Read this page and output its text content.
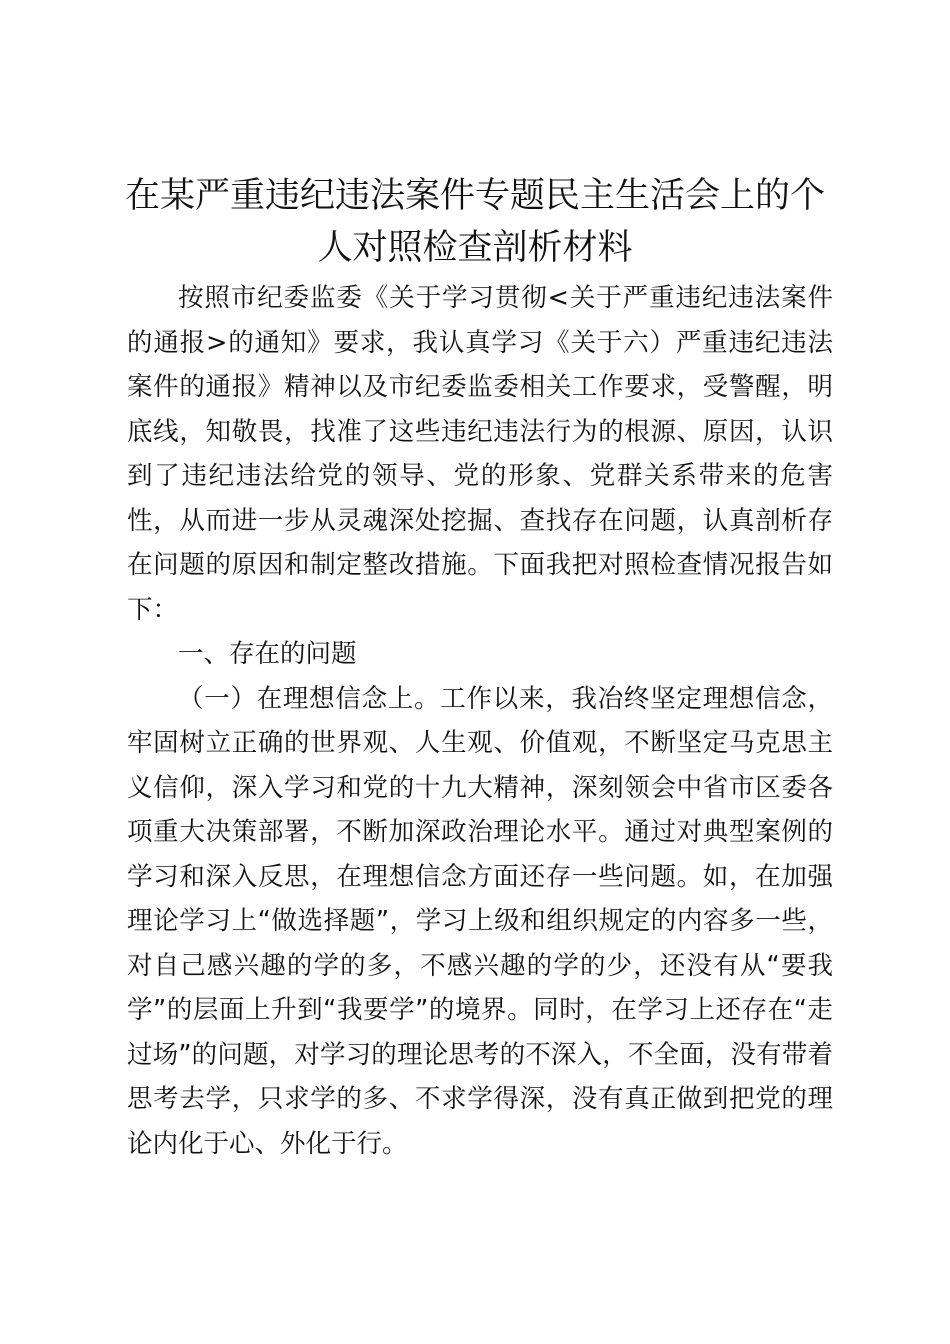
在某严重违纪违法案件专题民主生活会上的个
人对照检查剖析材料
按照市纪委监委《关于学习贯彻<关于严重违纪违法案件
的通报>的通知》要求，我认真学习《关于六）严重违纪违法
案件的通报》精神以及市纪委监委相关工作要求，受警醒，明
底线，知敬畏，找准了这些违纪违法行为的根源、原因，认识
到了违纪违法给党的领导、党的形象、党群关系带来的危害
性，从而进一步从灵魂深处挖掘、查找存在问题，认真剖析存
在问题的原因和制定整改措施。下面我把对照检查情况报告如
下：
一、存在的问题
（一）在理想信念上。工作以来，我冶终坚定理想信念，
牢固树立正确的世界观、人生观、价值观，不断坚定马克思主
义信仰，深入学习和党的十九大精神，深刻领会中省市区委各
项重大决策部署，不断加深政治理论水平。通过对典型案例的
学习和深入反思，在理想信念方面还存一些问题。如，在加强
理论学习上“做选择题”，学习上级和组织规定的内容多一些，
对自己感兴趣的学的多，不感兴趣的学的少，还没有从“要我
学”的层面上升到“我要学”的境界。同时，在学习上还存在“走
过场”的问题，对学习的理论思考的不深入，不全面，没有带着
思考去学，只求学的多、不求学得深，没有真正做到把党的理
论内化于心、外化于行。
